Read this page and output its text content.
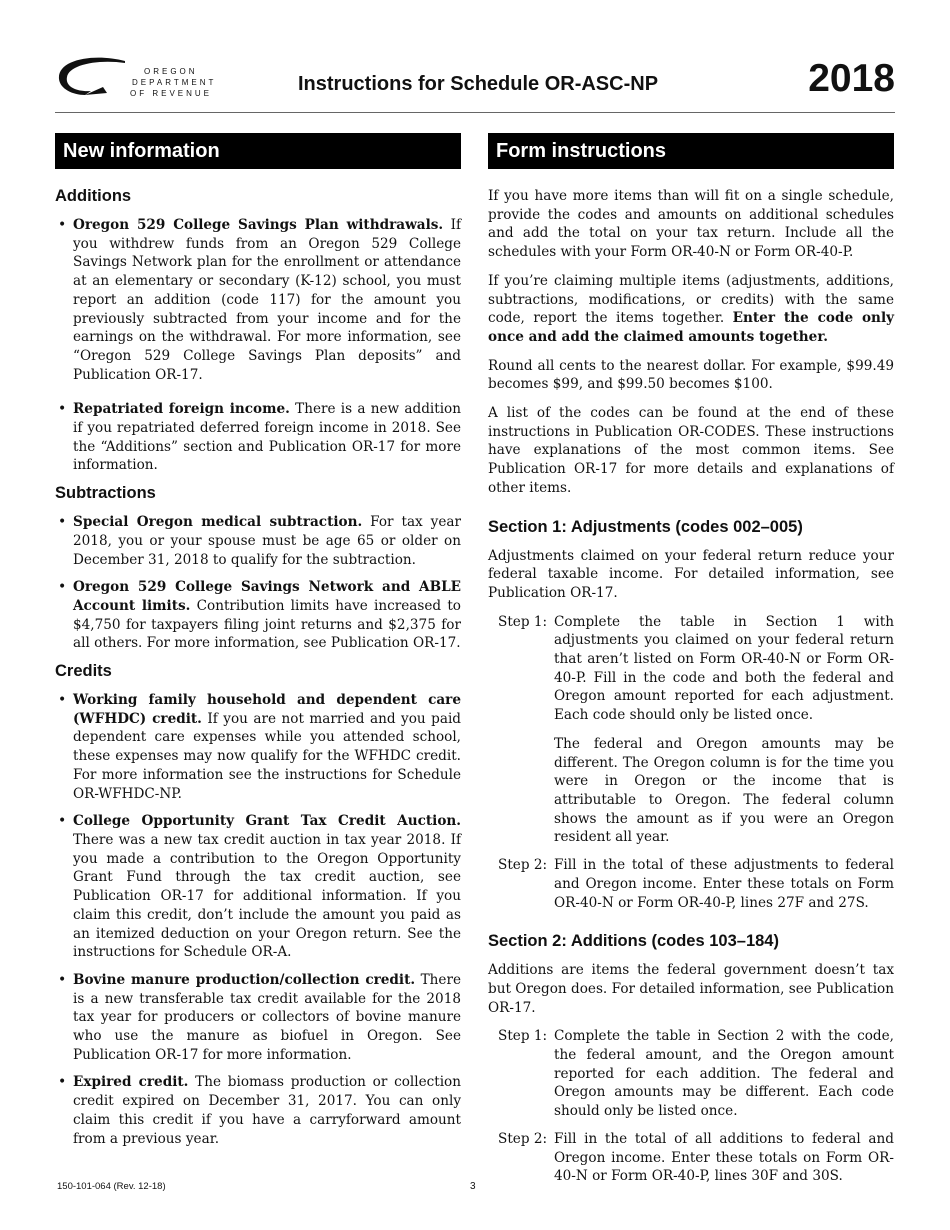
OREGON
DEPARTMENT
OF REVENUE	Instructions for Schedule OR-ASC-NP	2018
New information
Additions
• Oregon 529 College Savings Plan withdrawals. If you withdrew funds from an Oregon 529 College Savings Network plan for the enrollment or attendance at an elementary or secondary (K-12) school, you must report an addition (code 117) for the amount you previously subtracted from your income and for the earnings on the withdrawal. For more information, see “Oregon 529 College Savings Plan deposits” and Publication OR-17.
• Repatriated foreign income. There is a new addition if you repatriated deferred foreign income in 2018. See the “Additions” section and Publication OR-17 for more information.
Subtractions
• Special Oregon medical subtraction. For tax year 2018, you or your spouse must be age 65 or older on December 31, 2018 to qualify for the subtraction.
• Oregon 529 College Savings Network and ABLE Account limits. Contribution limits have increased to $4,750 for taxpayers filing joint returns and $2,375 for all others. For more information, see Publication OR-17.
Credits
• Working family household and dependent care (WFHDC) credit. If you are not married and you paid dependent care expenses while you attended school, these expenses may now qualify for the WFHDC credit. For more information see the instructions for Schedule OR-WFHDC-NP.
• College Opportunity Grant Tax Credit Auction. There was a new tax credit auction in tax year 2018. If you made a contribution to the Oregon Opportunity Grant Fund through the tax credit auction, see Publication OR-17 for additional information. If you claim this credit, don’t include the amount you paid as an itemized deduction on your Oregon return. See the instructions for Schedule OR-A.
• Bovine manure production/collection credit. There is a new transferable tax credit available for the 2018 tax year for producers or collectors of bovine manure who use the manure as biofuel in Oregon. See Publication OR-17 for more information.
• Expired credit. The biomass production or collection credit expired on December 31, 2017. You can only claim this credit if you have a carryforward amount from a previous year.
Form instructions

If you have more items than will fit on a single schedule, provide the codes and amounts on additional schedules and add the total on your tax return. Include all the schedules with your Form OR-40-N or Form OR-40-P.

If you’re claiming multiple items (adjustments, additions, subtractions, modifications, or credits) with the same code, report the items together. Enter the code only once and add the claimed amounts together.

Round all cents to the nearest dollar. For example, $99.49 becomes $99, and $99.50 becomes $100.

A list of the codes can be found at the end of these instructions in Publication OR-CODES. These instructions have explanations of the most common items. See Publication OR-17 for more details and explanations of other items.

Section 1: Adjustments (codes 002–005)

Adjustments claimed on your federal return reduce your federal taxable income. For detailed information, see Publication OR-17.

Step 1: Complete the table in Section 1 with adjustments you claimed on your federal return that aren’t listed on Form OR-40-N or Form OR-40-P. Fill in the code and both the federal and Oregon amount reported for each adjustment. Each code should only be listed once.

The federal and Oregon amounts may be different. The Oregon column is for the time you were in Oregon or the income that is attributable to Oregon. The federal column shows the amount as if you were an Oregon resident all year.

Step 2: Fill in the total of these adjustments to federal and Oregon income. Enter these totals on Form OR-40-N or Form OR-40-P, lines 27F and 27S.
Section 2: Additions (codes 103–184)

Additions are items the federal government doesn’t tax but Oregon does. For detailed information, see Publication OR-17.

Step 1: Complete the table in Section 2 with the code, the federal amount, and the Oregon amount reported for each addition. The federal and Oregon amounts may be different. Each code should only be listed once.
Step 2: Fill in the total of all additions to federal and Oregon income. Enter these totals on Form OR-40-N or Form OR-40-P, lines 30F and 30S.
150-101-064 (Rev. 12-18)	3
